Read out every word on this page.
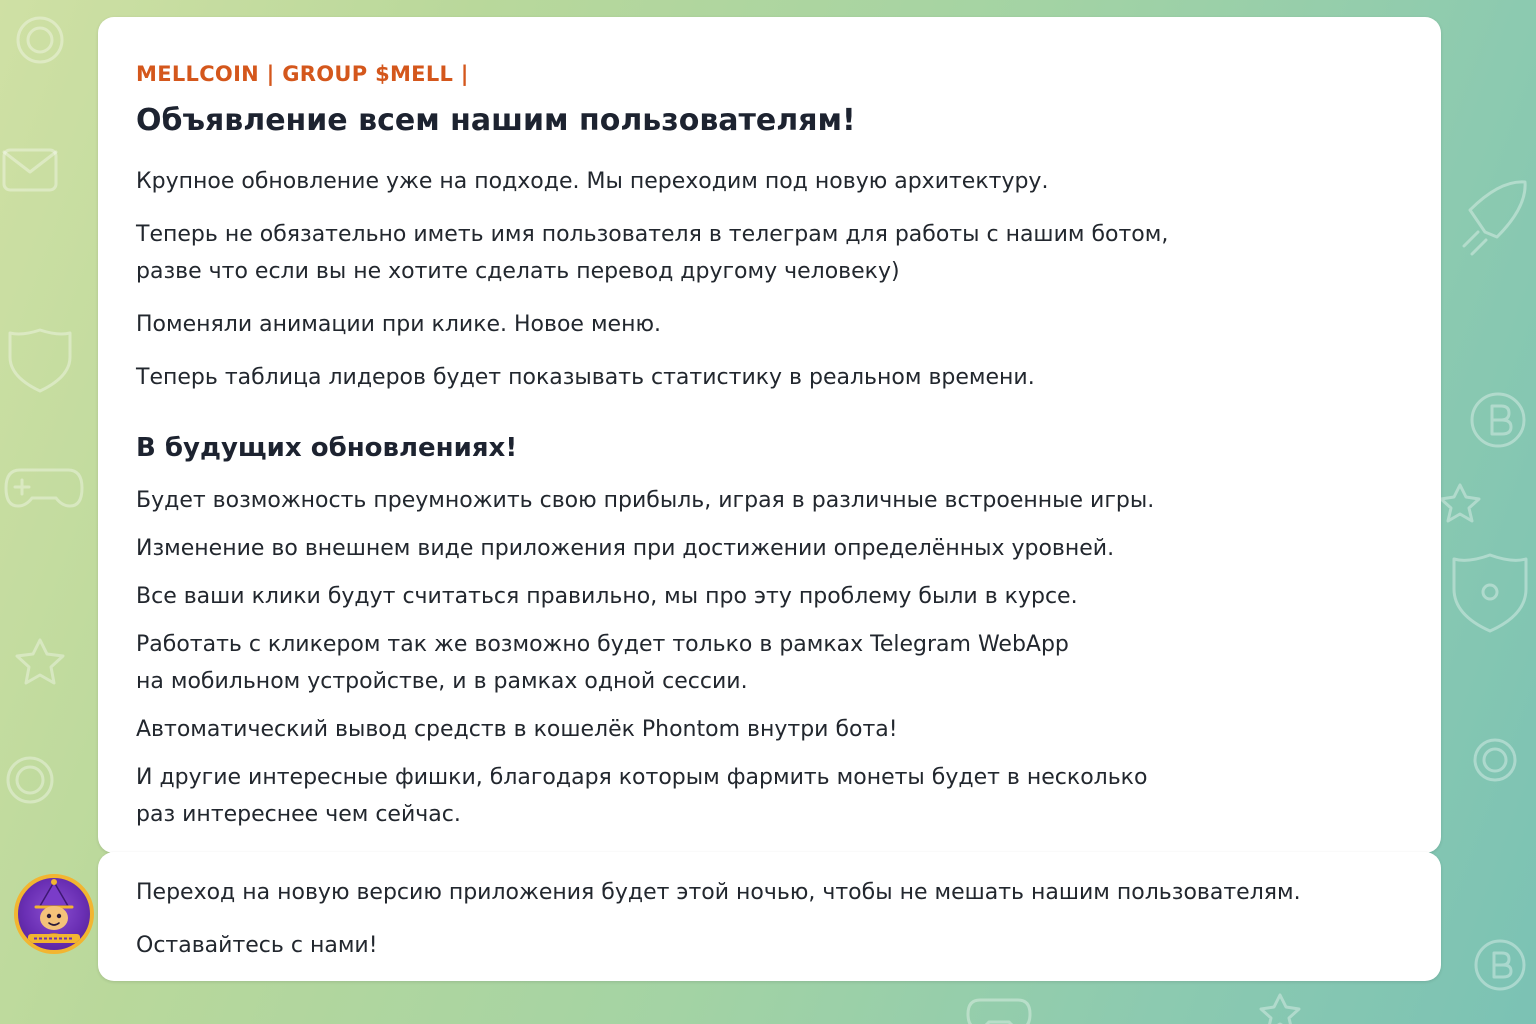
MELLCOIN | GROUP $MELL |
Объявление всем нашим пользователям!
Крупное обновление уже на подходе. Мы переходим под новую архитектуру.
Теперь не обязательно иметь имя пользователя в телеграм для работы с нашим ботом,
разве что если вы не хотите сделать перевод другому человеку)
Поменяли анимации при клике. Новое меню.
Теперь таблица лидеров будет показывать статистику в реальном времени.
В будущих обновлениях!
Будет возможность преумножить свою прибыль, играя в различные встроенные игры.
Изменение во внешнем виде приложения при достижении определённых уровней.
Все ваши клики будут считаться правильно, мы про эту проблему были в курсе.
Работать с кликером так же возможно будет только в рамках Telegram WebApp
на мобильном устройстве, и в рамках одной сессии.
Автоматический вывод средств в кошелёк Phontom внутри бота!
И другие интересные фишки, благодаря которым фармить монеты будет в несколько
раз интереснее чем сейчас.
Переход на новую версию приложения будет этой ночью, чтобы не мешать нашим пользователям.
Оставайтесь с нами!
